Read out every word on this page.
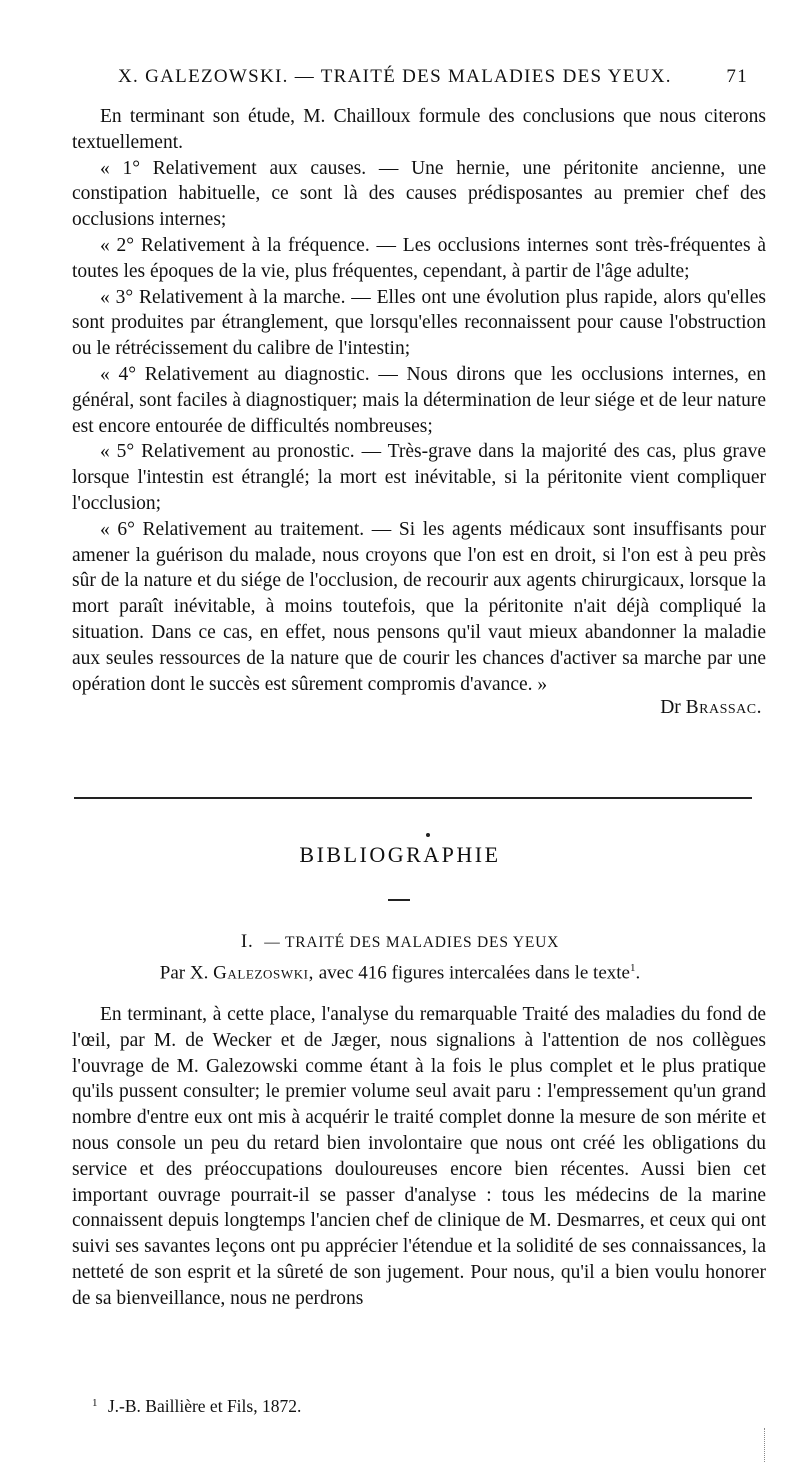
X. GALEZOWSKI. — TRAITÉ DES MALADIES DES YEUX.	71

En terminant son étude, M. Chailloux formule des conclusions que nous citerons textuellement.

« 1° Relativement aux causes. — Une hernie, une péritonite ancienne, une constipation habituelle, ce sont là des causes prédisposantes au premier chef des occlusions internes;

« 2° Relativement à la fréquence. — Les occlusions internes sont très-fréquentes à toutes les époques de la vie, plus fréquentes, cependant, à partir de l'âge adulte;

« 3° Relativement à la marche. — Elles ont une évolution plus rapide, alors qu'elles sont produites par étranglement, que lorsqu'elles reconnaissent pour cause l'obstruction ou le rétrécissement du calibre de l'intestin;

« 4° Relativement au diagnostic. — Nous dirons que les occlusions internes, en général, sont faciles à diagnostiquer; mais la détermination de leur siége et de leur nature est encore entourée de difficultés nombreuses;

« 5° Relativement au pronostic. — Très-grave dans la majorité des cas, plus grave lorsque l'intestin est étranglé; la mort est inévitable, si la péritonite vient compliquer l'occlusion;

« 6° Relativement au traitement. — Si les agents médicaux sont insuffisants pour amener la guérison du malade, nous croyons que l'on est en droit, si l'on est à peu près sûr de la nature et du siége de l'occlusion, de recourir aux agents chirurgicaux, lorsque la mort paraît inévitable, à moins toutefois, que la péritonite n'ait déjà compliqué la situation. Dans ce cas, en effet, nous pensons qu'il vaut mieux abandonner la maladie aux seules ressources de la nature que de courir les chances d'activer sa marche par une opération dont le succès est sûrement compromis d'avance. »

Dr Brassac.
BIBLIOGRAPHIE
I. — TRAITÉ DES MALADIES DES YEUX
Par X. Galezoswki, avec 416 figures intercalées dans le texte$^1$.

En terminant, à cette place, l'analyse du remarquable Traité des maladies du fond de l'œil, par M. de Wecker et de Jæger, nous signalions à l'attention de nos collègues l'ouvrage de M. Galezowski comme étant à la fois le plus complet et le plus pratique qu'ils pussent consulter; le premier volume seul avait paru : l'empressement qu'un grand nombre d'entre eux ont mis à acquérir le traité complet donne la mesure de son mérite et nous console un peu du retard bien involontaire que nous ont créé les obligations du service et des préoccupations douloureuses encore bien récentes. Aussi bien cet important ouvrage pourrait-il se passer d'analyse : tous les médecins de la marine connaissent depuis longtemps l'ancien chef de clinique de M. Desmarres, et ceux qui ont suivi ses savantes leçons ont pu apprécier l'étendue et la solidité de ses connaissances, la netteté de son esprit et la sûreté de son jugement. Pour nous, qu'il a bien voulu honorer de sa bienveillance, nous ne perdrons

$^1$ J.-B. Baillière et Fils, 1872.
